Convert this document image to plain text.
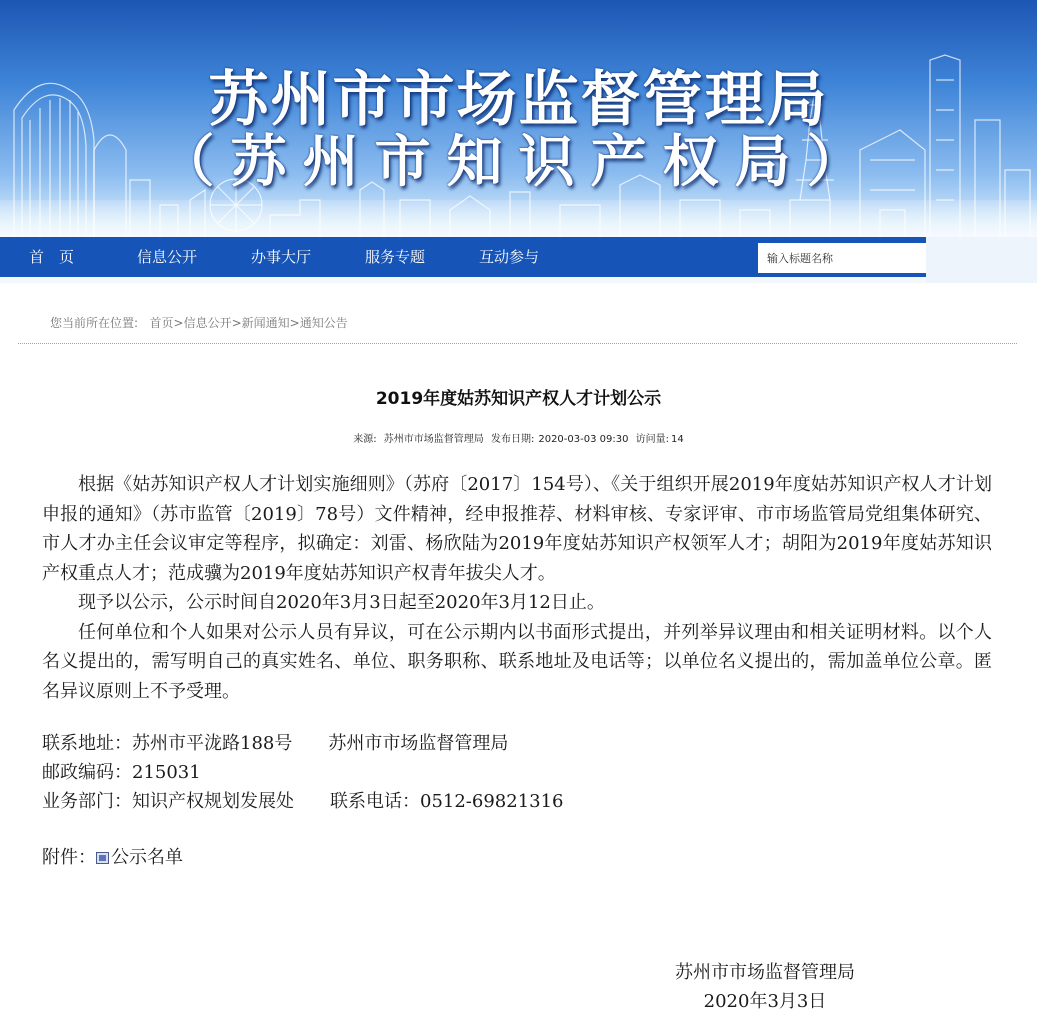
苏州市市场监督管理局
（苏州市知识产权局）
首　页	信息公开	办事大厅	服务专题	互动参与
输入标题名称
您当前所在位置: 首页>信息公开>新闻通知>通知公告
2019年度姑苏知识产权人才计划公示
来源: 苏州市市场监督管理局 发布日期: 2020-03-03 09:30 访问量: 14

根据《姑苏知识产权人才计划实施细则》（苏府〔2017〕154号）、《关于组织开展2019年度姑苏知识产权人才计划申报的通知》（苏市监管〔2019〕78号）文件精神，经申报推荐、材料审核、专家评审、市市场监管局党组集体研究、市人才办主任会议审定等程序，拟确定：刘雷、杨欣陆为2019年度姑苏知识产权领军人才；胡阳为2019年度姑苏知识产权重点人才；范成骥为2019年度姑苏知识产权青年拔尖人才。

现予以公示，公示时间自2020年3月3日起至2020年3月12日止。

任何单位和个人如果对公示人员有异议，可在公示期内以书面形式提出，并列举异议理由和相关证明材料。以个人名义提出的，需写明自己的真实姓名、单位、职务职称、联系地址及电话等；以单位名义提出的，需加盖单位公章。匿名异议原则上不予受理。

联系地址：苏州市平泷路188号 苏州市市场监督管理局
邮政编码：215031
业务部门：知识产权规划发展处 联系电话：0512-69821316
附件： 公示名单
苏州市市场监督管理局
2020年3月3日
